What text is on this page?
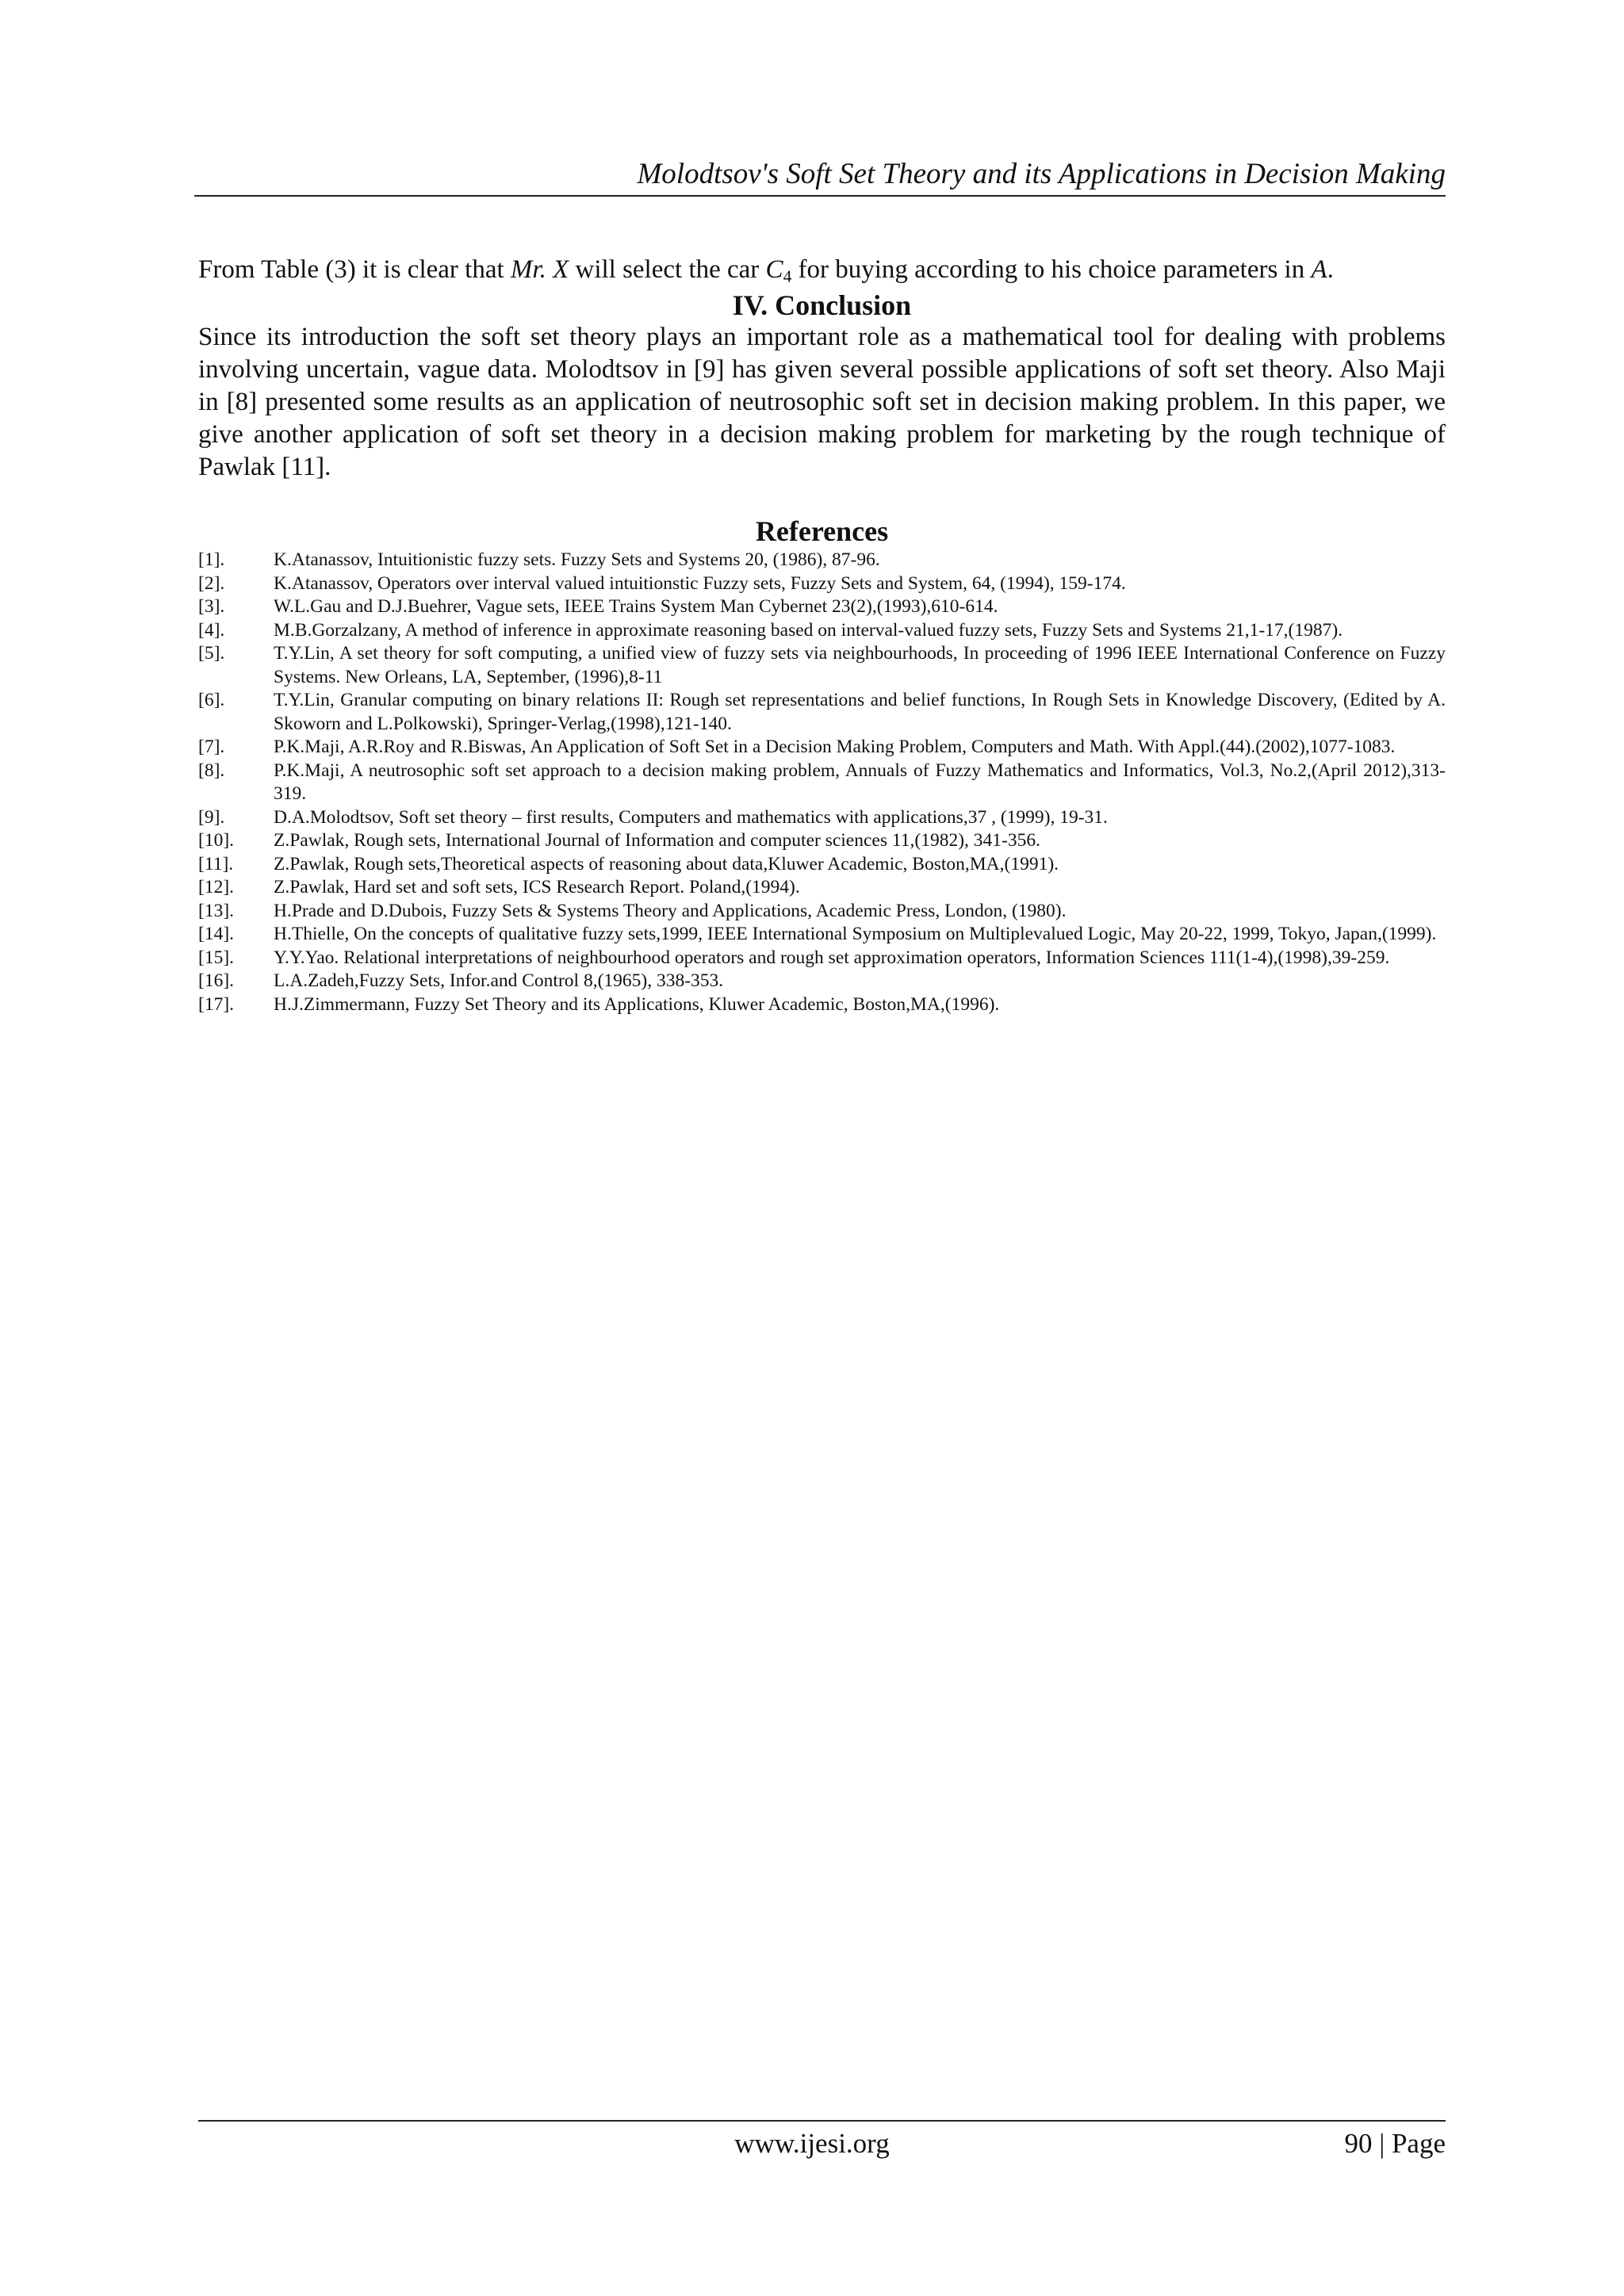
Molodtsov's Soft Set Theory and its Applications in Decision Making
From Table (3) it is clear that Mr. X will select the car $C_4$ for buying according to his choice parameters in A.
IV. Conclusion
Since its introduction the soft set theory plays an important role as a mathematical tool for dealing with problems involving uncertain, vague data. Molodtsov in [9] has given several possible applications of soft set theory. Also Maji in [8] presented some results as an application of neutrosophic soft set in decision making problem. In this paper, we give another application of soft set theory in a decision making problem for marketing by the rough technique of Pawlak [11].
References
[1].	K.Atanassov, Intuitionistic fuzzy sets. Fuzzy Sets and Systems 20, (1986), 87-96.
[2].	K.Atanassov, Operators over interval valued intuitionstic Fuzzy sets, Fuzzy Sets and System, 64, (1994), 159-174.
[3].	W.L.Gau and D.J.Buehrer, Vague sets, IEEE Trains System Man Cybernet 23(2),(1993),610-614.
[4].	M.B.Gorzalzany, A method of inference in approximate reasoning based on interval-valued fuzzy sets, Fuzzy Sets and Systems 21,1-17,(1987).
[5].	T.Y.Lin, A set theory for soft computing, a unified view of fuzzy sets via neighbourhoods, In proceeding of 1996 IEEE International Conference on Fuzzy Systems. New Orleans, LA, September, (1996),8-11
[6].	T.Y.Lin, Granular computing on binary relations II: Rough set representations and belief functions, In Rough Sets in Knowledge Discovery, (Edited by A. Skoworn and L.Polkowski), Springer-Verlag,(1998),121-140.
[7].	P.K.Maji, A.R.Roy and R.Biswas, An Application of Soft Set in a Decision Making Problem, Computers and Math. With Appl.(44).(2002),1077-1083.
[8].	P.K.Maji, A neutrosophic soft set approach to a decision making problem, Annuals of Fuzzy Mathematics and Informatics, Vol.3, No.2,(April 2012),313-319.
[9].	D.A.Molodtsov, Soft set theory – first results, Computers and mathematics with applications,37 , (1999), 19-31.
[10].	Z.Pawlak, Rough sets, International Journal of Information and computer sciences 11,(1982), 341-356.
[11].	Z.Pawlak, Rough sets,Theoretical aspects of reasoning about data,Kluwer Academic, Boston,MA,(1991).
[12].	Z.Pawlak, Hard set and soft sets, ICS Research Report. Poland,(1994).
[13].	H.Prade and D.Dubois, Fuzzy Sets & Systems Theory and Applications, Academic Press, London, (1980).
[14].	H.Thielle, On the concepts of qualitative fuzzy sets,1999, IEEE International Symposium on Multiplevalued Logic, May 20-22, 1999, Tokyo, Japan,(1999).
[15].	Y.Y.Yao. Relational interpretations of neighbourhood operators and rough set approximation operators, Information Sciences 111(1-4),(1998),39-259.
[16].	L.A.Zadeh,Fuzzy Sets, Infor.and Control 8,(1965), 338-353.
[17].	H.J.Zimmermann, Fuzzy Set Theory and its Applications, Kluwer Academic, Boston,MA,(1996).
www.ijesi.org	90 | Page
